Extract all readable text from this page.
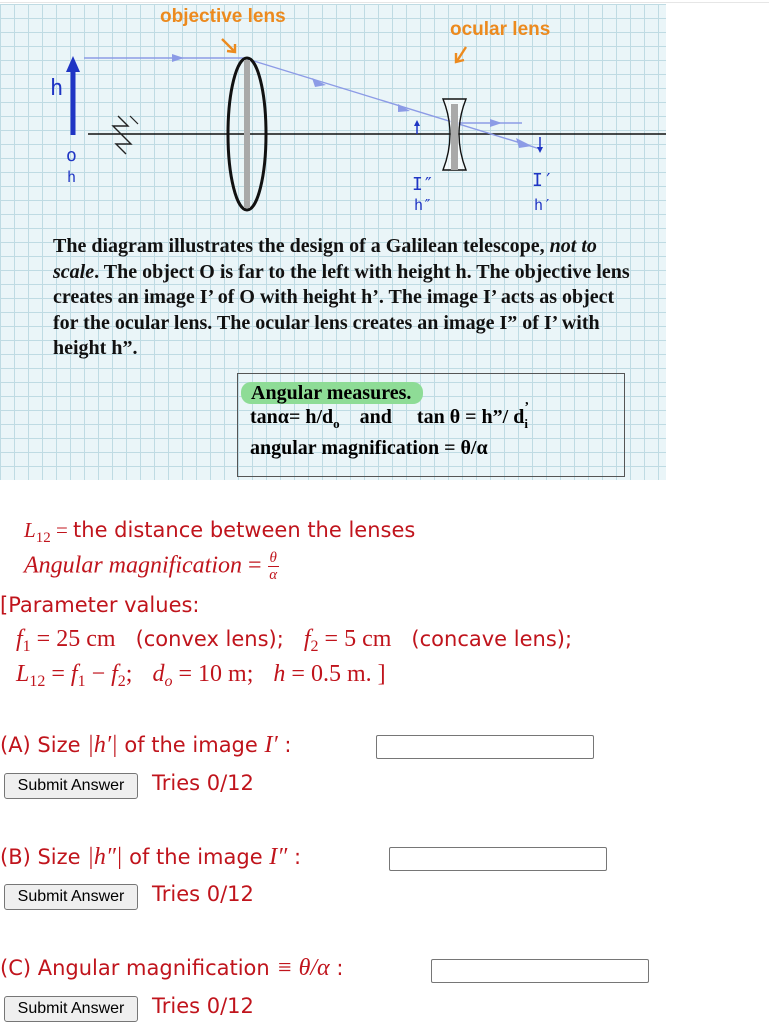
objective lens
ocular lens
h
o
h	I″
h″
I′
h′

The diagram illustrates the design of a Galilean telescope, not to scale. The object O is far to the left with height h. The objective lens creates an image I’ of O with height h’. The image I’ acts as object for the ocular lens. The ocular lens creates an image I” of I’ with height h”.

Angular measures.
$\tan\alpha= h/d_o$ and tan θ = h”/ d ’
$_i$
angular magnification = θ/α
$L_{12}$ = the distance between the lenses
Angular magnification = $\frac{\theta}{\alpha}$
[Parameter values:
$f_1 = 25$ cm (convex lens); $f_2 = 5$ cm (concave lens);
$L_{12} = f_1 - f_2$; $d_o = 10$ m; h = 0.5 m. ]
(A) Size |h′| of the image I′ :
Submit Answer	Tries 0/12
(B) Size |h″| of the image I″ :
Submit Answer	Tries 0/12
(C) Angular magnification ≡ θ/α :
Submit Answer	Tries 0/12
